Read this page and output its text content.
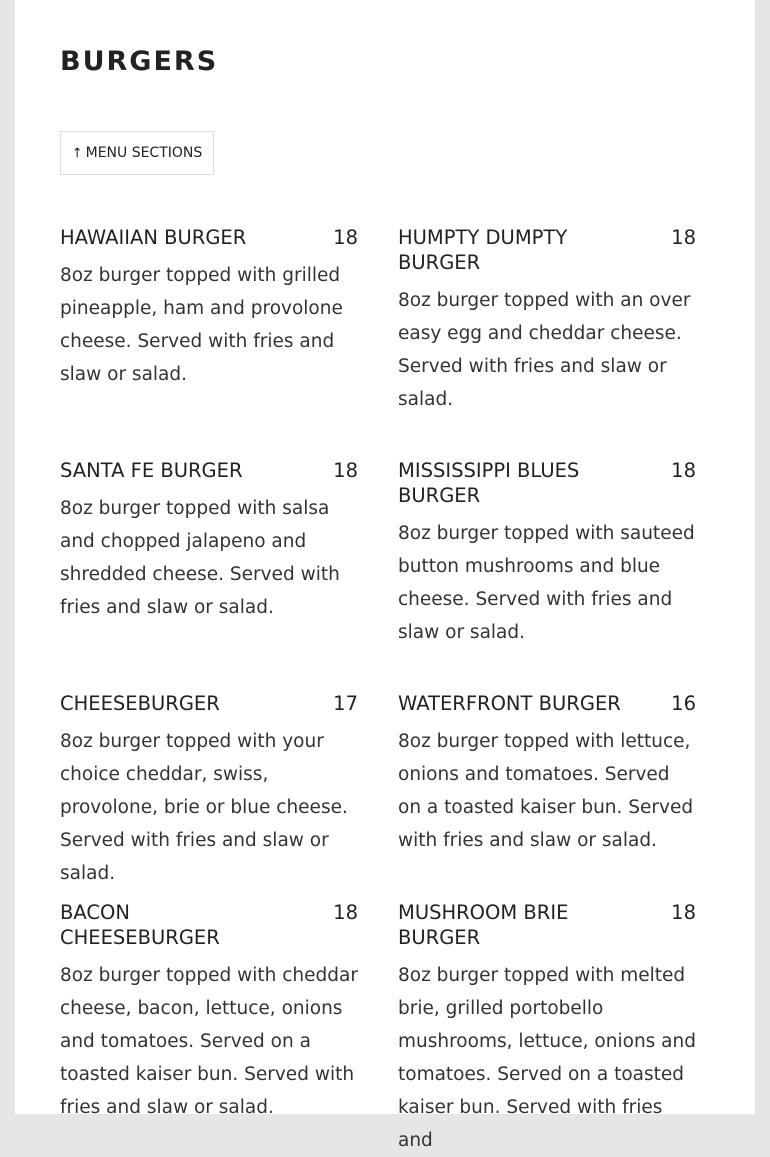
BURGERS
↑ MENU SECTIONS
HAWAIIAN BURGER	18
8oz burger topped with grilled pineapple, ham and provolone cheese. Served with fries and slaw or salad.
HUMPTY DUMPTY BURGER
18
8oz burger topped with an over easy egg and cheddar cheese. Served with fries and slaw or salad.
SANTA FE BURGER	18
8oz burger topped with salsa and chopped jalapeno and shredded cheese. Served with fries and slaw or salad.
MISSISSIPPI BLUES BURGER
18
8oz burger topped with sauteed button mushrooms and blue cheese. Served with fries and slaw or salad.
CHEESEBURGER	17
8oz burger topped with your choice cheddar, swiss, provolone, brie or blue cheese. Served with fries and slaw or salad.
WATERFRONT BURGER	16
8oz burger topped with lettuce, onions and tomatoes. Served on a toasted kaiser bun. Served with fries and slaw or salad.
BACON CHEESEBURGER
18
8oz burger topped with cheddar cheese, bacon, lettuce, onions and tomatoes. Served on a toasted kaiser bun. Served with fries and slaw or salad.
MUSHROOM BRIE BURGER
18
8oz burger topped with melted brie, grilled portobello mushrooms, lettuce, onions and tomatoes. Served on a toasted kaiser bun. Served with fries and
